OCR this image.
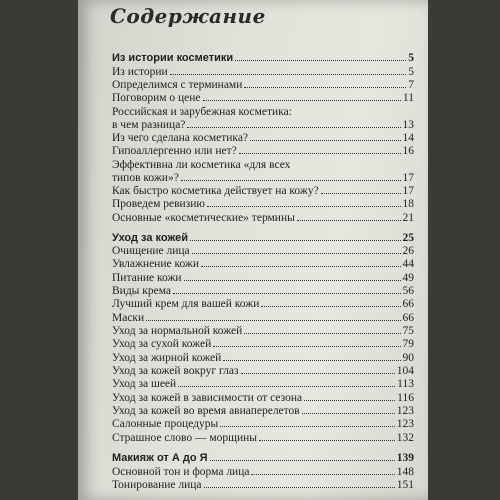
Содержание
Из истории косметики	5
Из истории	5
Определимся с терминами	7
Поговорим о цене	11
Российская и зарубежная косметика:
в чем разница?	13
Из чего сделана косметика?	14
Гипоаллергенно или нет?	16
Эффективна ли косметика «для всех
типов кожи»?	17
Как быстро косметика действует на кожу?	17
Проведем ревизию	18
Основные «косметические» термины	21
Уход за кожей	25
Очищение лица	26
Увлажнение кожи	44
Питание кожи	49
Виды крема	56
Лучший крем для вашей кожи	66
Маски	66
Уход за нормальной кожей	75
Уход за сухой кожей	79
Уход за жирной кожей	90
Уход за кожей вокруг глаз	104
Уход за шеей	113
Уход за кожей в зависимости от сезона	116
Уход за кожей во время авиаперелетов	123
Салонные процедуры	123
Страшное слово — морщины	132
Макияж от А до Я	139
Основной тон и форма лица	148
Тонирование лица	151
